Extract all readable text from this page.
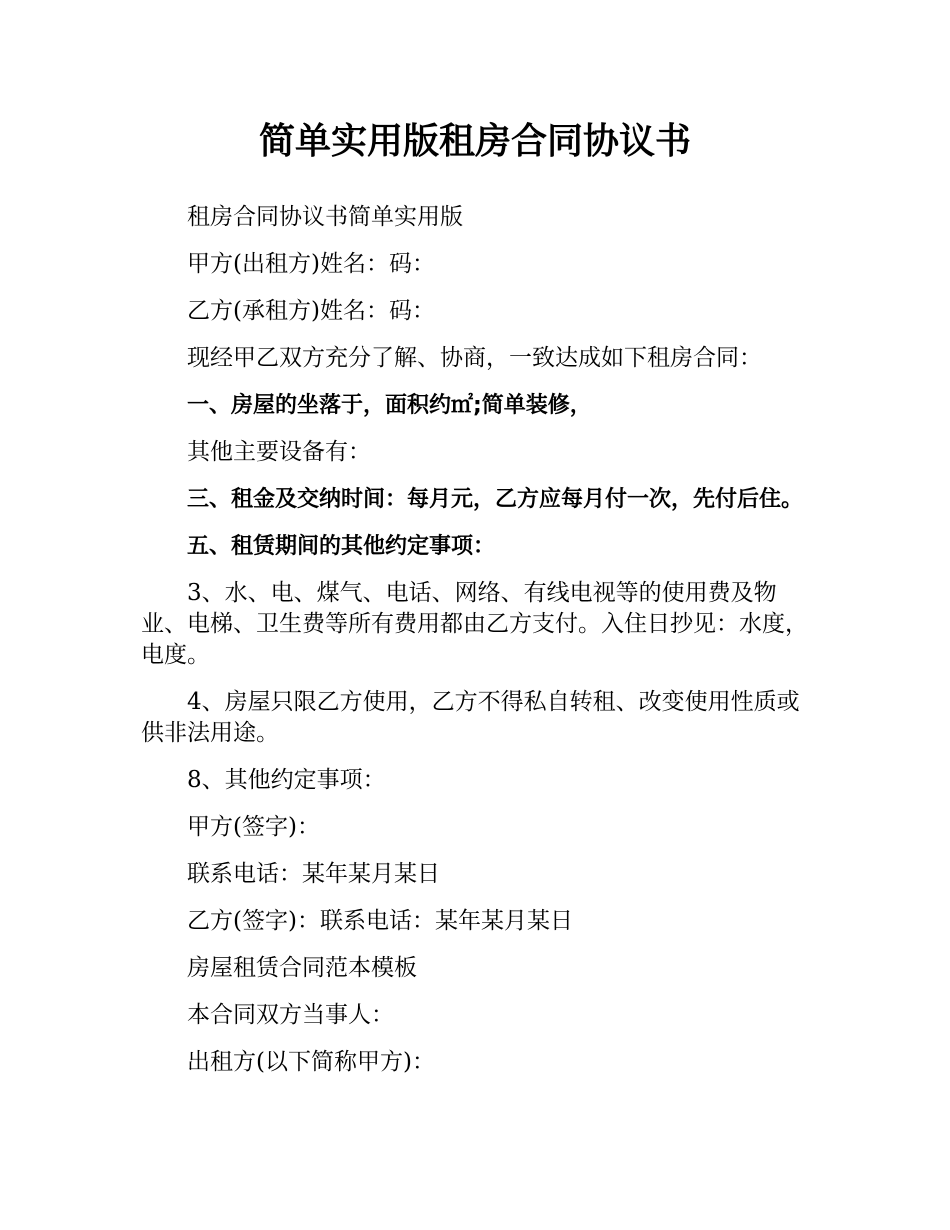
简单实用版租房合同协议书

租房合同协议书简单实用版

甲方(出租方)姓名：码：

乙方(承租方)姓名：码：

现经甲乙双方充分了解、协商，一致达成如下租房合同：

一、房屋的坐落于，面积约㎡;简单装修，

其他主要设备有：

三、租金及交纳时间：每月元，乙方应每月付一次，先付后住。

五、租赁期间的其他约定事项：

3、水、电、煤气、电话、网络、有线电视等的使用费及物业、电梯、卫生费等所有费用都由乙方支付。入住日抄见：水度，电度。

4、房屋只限乙方使用，乙方不得私自转租、改变使用性质或供非法用途。

8、其他约定事项：

甲方(签字)：

联系电话：某年某月某日

乙方(签字)：联系电话：某年某月某日

房屋租赁合同范本模板

本合同双方当事人：

出租方(以下简称甲方)：
